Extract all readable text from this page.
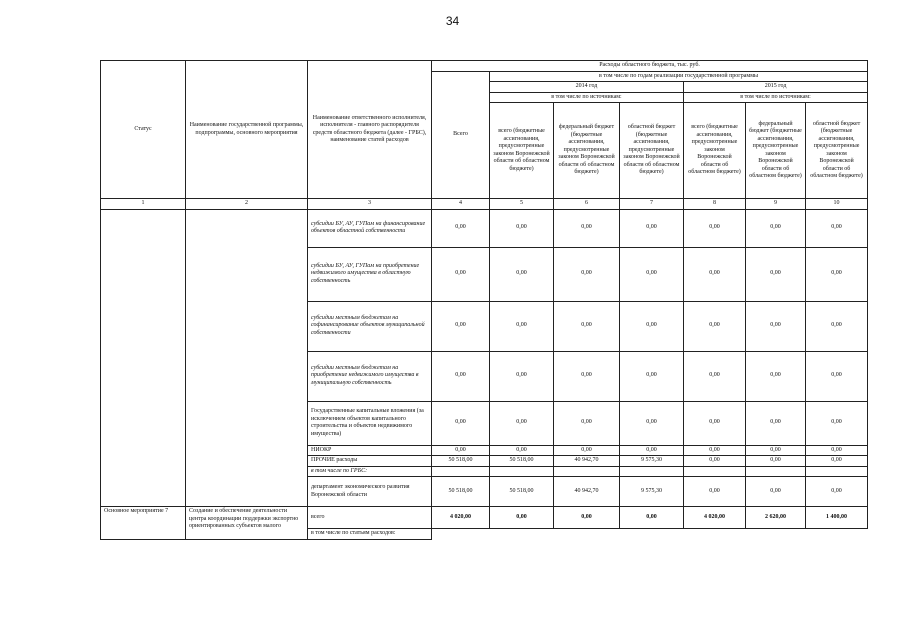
34
Статус	Наименование государственной программы, подпрограммы, основного мероприятия	Наименование ответственного исполнителя, исполнителя - главного распорядителя средств областного бюджета (далее - ГРБС), наименование статей расходов	Расходы областного бюджета, тыс. руб.						
			Всего	в том числе по годам реализации государственной программы					
				2014 год			2015 год		
				в том числе по источникам:			в том числе по источникам:		
				всего (бюджетные ассигнования, предусмотренные законом Воронежской области об областном бюджете)	федеральный бюджет (бюджетные ассигнования, предусмотренные законом Воронежской области об областном бюджете)	областной бюджет (бюджетные ассигнования, предусмотренные законом Воронежской области об областном бюджете)	всего (бюджетные ассигнования, предусмотренные законом Воронежской области об областном бюджете)	федеральный бюджет (бюджетные ассигнования, предусмотренные законом Воронежской области об областном бюджете)	областной бюджет (бюджетные ассигнования, предусмотренные законом Воронежской области об областном бюджете)
1	2	3	4	5	6	7	8	9	10
		субсидии БУ, АУ, ГУПам на финансирование объектов областной собственности	0,00	0,00	0,00	0,00	0,00	0,00	0,00
		субсидии БУ, АУ, ГУПам на приобретение недвижимого имущества в областную собственность	0,00	0,00	0,00	0,00	0,00	0,00	0,00
		субсидии местным бюджетам на софинансирование объектов муниципальной собственности	0,00	0,00	0,00	0,00	0,00	0,00	0,00
		субсидии местным бюджетам на приобретение недвижимого имущества в муниципальную собственность	0,00	0,00	0,00	0,00	0,00	0,00	0,00
		Государственные капитальные вложения (за исключением объектов капитального строительства и объектов недвижимого имущества)	0,00	0,00	0,00	0,00	0,00	0,00	0,00
		НИОКР	0,00	0,00	0,00	0,00	0,00	0,00	0,00
		ПРОЧИЕ расходы	50 518,00	50 518,00	40 942,70	9 575,30	0,00	0,00	0,00
		в том числе по ГРБС:							
		департамент экономического развития Воронежской области	50 518,00	50 518,00	40 942,70	9 575,30	0,00	0,00	0,00
Основное мероприятие 7	Создание и обеспечение деятельности центра координации поддержки экспортно ориентированных субъектов малого	всего	4 020,00	0,00	0,00	0,00	4 020,00	2 620,00	1 400,00
		в том числе по статьям расходов:							
